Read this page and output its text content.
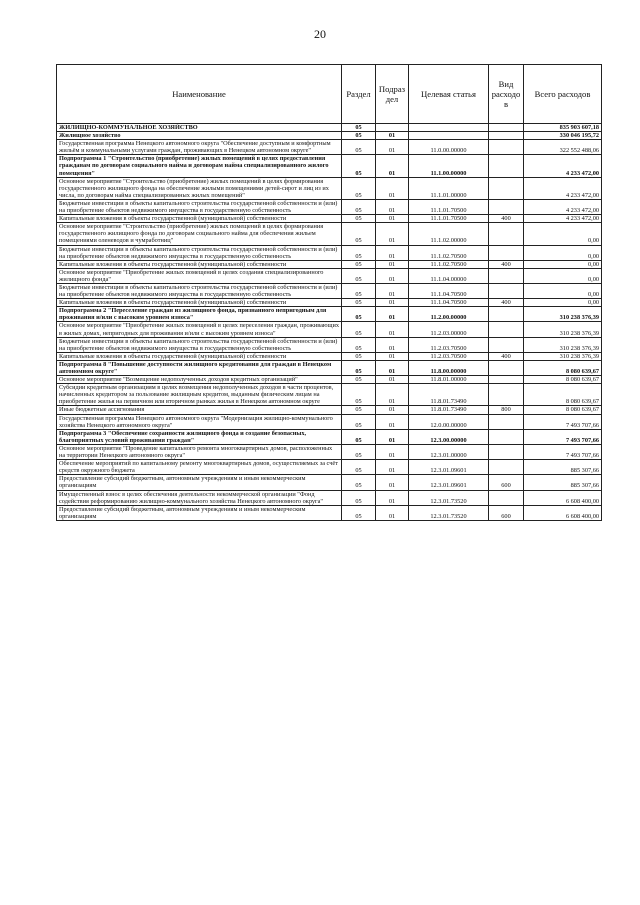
20
Наименование	Раздел	Подраз дел	Целевая статья	Вид расходо в	Всего расходов
ЖИЛИЩНО-КОММУНАЛЬНОЕ ХОЗЯЙСТВО	05				835 903 607,18
Жилищное хозяйство	05	01			330 046 195,72
Государственная программа Ненецкого автономного округа "Обеспечение доступным и комфортным жильём и коммунальными услугами граждан, проживающих в Ненецком автономном округе"	05	01	11.0.00.00000		322 552 488,06
Подпрограмма 1 "Строительство (приобретение) жилых помещений в целях предоставления гражданам по договорам социального найма и договорам найма специализированного жилого помещения"	05	01	11.1.00.00000		4 233 472,00
Основное мероприятие "Строительство (приобретение) жилых помещений в целях формирования государственного жилищного фонда на обеспечение жилыми помещениями детей-сирот и лиц из их числа, по договорам найма специализированных жилых помещений"	05	01	11.1.01.00000		4 233 472,00
Бюджетные инвестиции в объекты капитального строительства государственной собственности и (или) на приобретение объектов недвижимого имущества в государственную собственность	05	01	11.1.01.70500		4 233 472,00
Капитальные вложения в объекты государственной (муниципальной) собственности	05	01	11.1.01.70500	400	4 233 472,00
Основное мероприятие "Строительство (приобретение) жилых помещений в целях формирования государственного жилищного фонда по договорам социального найма для обеспечения жильем помещениями оленеводов и чумработниц"	05	01	11.1.02.00000		0,00
Бюджетные инвестиции в объекты капитального строительства государственной собственности и (или) на приобретение объектов недвижимого имущества в государственную собственность	05	01	11.1.02.70500		0,00
Капитальные вложения в объекты государственной (муниципальной) собственности	05	01	11.1.02.70500	400	0,00
Основное мероприятие "Приобретение жилых помещений в целях создания специализированного жилищного фонда"	05	01	11.1.04.00000		0,00
Бюджетные инвестиции в объекты капитального строительства государственной собственности и (или) на приобретение объектов недвижимого имущества в государственную собственность	05	01	11.1.04.70500		0,00
Капитальные вложения в объекты государственной (муниципальной) собственности	05	01	11.1.04.70500	400	0,00
Подпрограмма 2 "Переселение граждан из жилищного фонда, признанного непригодным для проживания и/или с высоким уровнем износа"	05	01	11.2.00.00000		310 238 376,39
Основное мероприятие "Приобретение жилых помещений в целях переселения граждан, проживающих в жилых домах, непригодных для проживания и/или с высоким уровнем износа"	05	01	11.2.03.00000		310 238 376,39
Бюджетные инвестиции в объекты капитального строительства государственной собственности и (или) на приобретение объектов недвижимого имущества в государственную собственность	05	01	11.2.03.70500		310 238 376,39
Капитальные вложения в объекты государственной (муниципальной) собственности	05	01	11.2.03.70500	400	310 238 376,39
Подпрограмма 8 "Повышение доступности жилищного кредитования для граждан в Ненецком автономном округе"	05	01	11.8.00.00000		8 080 639,67
Основное мероприятие "Возмещение недополученных доходов кредитных организаций"	05	01	11.8.01.00000		8 080 639,67
Субсидии кредитным организациям в целях возмещения недополученных доходов в части процентов, начисленных кредитором за пользование жилищным кредитом, выданным физическим лицам на приобретение жилья на первичном или вторичном рынках жилья в Ненецком автономном округе	05	01	11.8.01.73490		8 080 639,67
Иные бюджетные ассигнования	05	01	11.8.01.73490	800	8 080 639,67
Государственная программа Ненецкого автономного округа "Модернизация жилищно-коммунального хозяйства Ненецкого автономного округа"	05	01	12.0.00.00000		7 493 707,66
Подпрограмма 3 "Обеспечение сохранности жилищного фонда и создание безопасных, благоприятных условий проживания граждан"	05	01	12.3.00.00000		7 493 707,66
Основное мероприятие "Проведение капитального ремонта многоквартирных домов, расположенных на территории Ненецкого автономного округа"	05	01	12.3.01.00000		7 493 707,66
Обеспечение мероприятий по капитальному ремонту многоквартирных домов, осуществляемых за счёт средств окружного бюджета	05	01	12.3.01.09601		885 307,66
Предоставление субсидий бюджетным, автономным учреждениям и иным некоммерческим организациям	05	01	12.3.01.09601	600	885 307,66
Имущественный взнос в целях обеспечения деятельности некоммерческой организации "Фонд содействия реформированию жилищно-коммунального хозяйства Ненецкого автономного округа"	05	01	12.3.01.73520		6 608 400,00
Предоставление субсидий бюджетным, автономным учреждениям и иным некоммерческим организациям	05	01	12.3.01.73520	600	6 608 400,00
